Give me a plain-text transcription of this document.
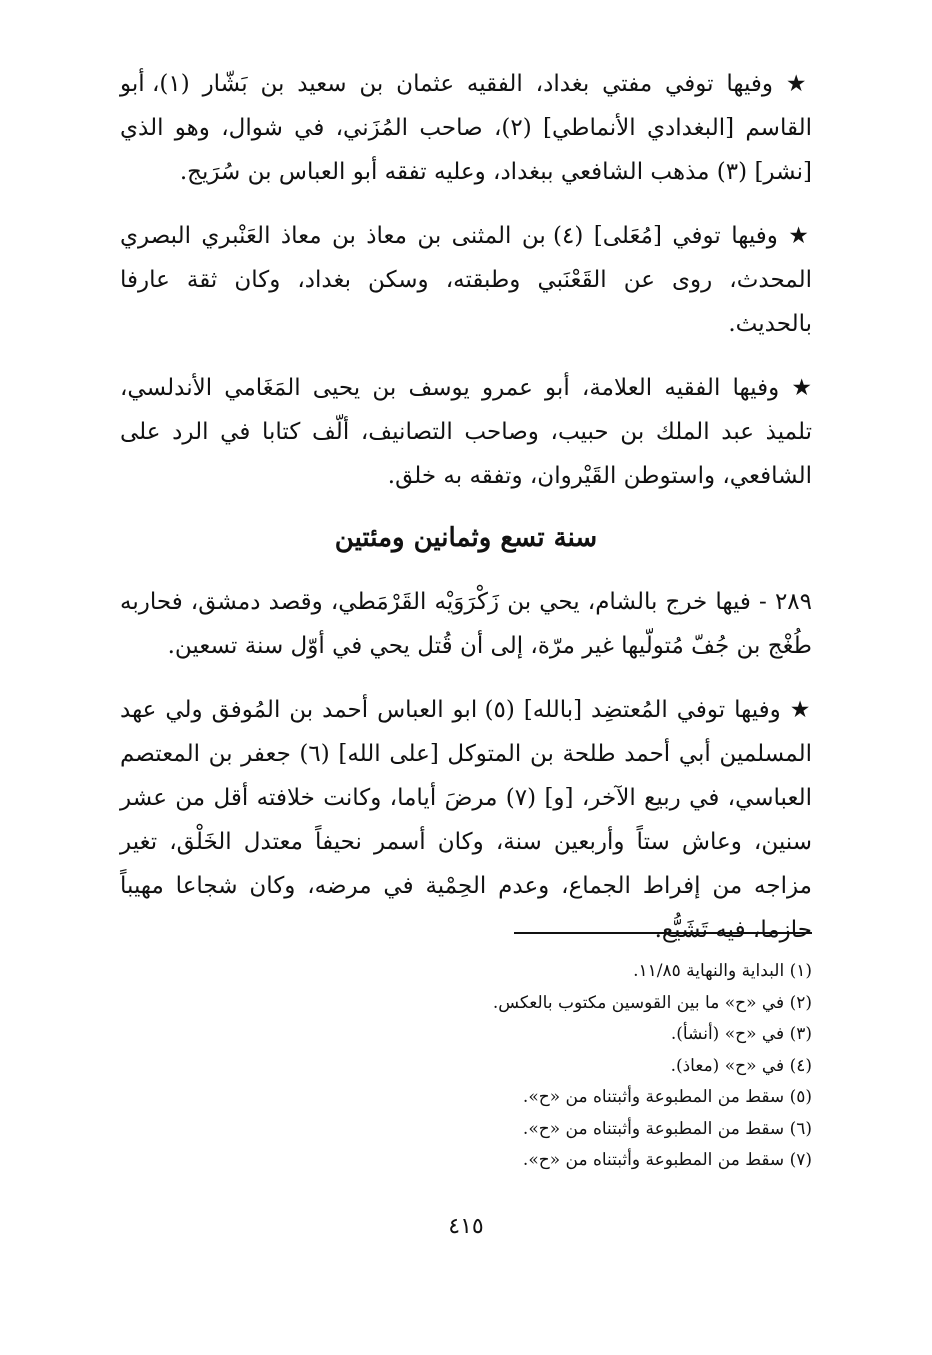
★ وفيها توفي مفتي بغداد، الفقيه عثمان بن سعيد بن بَشّار (١)، أبو القاسم [البغدادي الأنماطي] (٢)، صاحب المُزَني، في شوال، وهو الذي [نشر] (٣) مذهب الشافعي ببغداد، وعليه تفقه أبو العباس بن سُرَيج.

★ وفيها توفي [مُعَلى] (٤) بن المثنى بن معاذ بن معاذ العَنْبري البصري المحدث، روى عن القَعْنَبي وطبقته، وسكن بغداد، وكان ثقة عارفا بالحديث.

★ وفيها الفقيه العلامة، أبو عمرو يوسف بن يحيى المَغَامي الأندلسي، تلميذ عبد الملك بن حبيب، وصاحب التصانيف، ألّف كتابا في الرد على الشافعي، واستوطن القَيْروان، وتفقه به خلق.

سنة تسع وثمانين ومئتين

٢٨٩ - فيها خرج بالشام، يحي بن زَكْرَوَيْه القَرْمَطي، وقصد دمشق، فحاربه طُغْج بن جُفّ مُتولّيها غير مرّة، إلى أن قُتل يحي في أوّل سنة تسعين.

★ وفيها توفي المُعتضِد [بالله] (٥) ابو العباس أحمد بن المُوفق ولي عهد المسلمين أبي أحمد طلحة بن المتوكل [على الله] (٦) جعفر بن المعتصم العباسي، في ربيع الآخر، [و] (٧) مرضَ أياما، وكانت خلافته أقل من عشر سنين، وعاش ستاً وأربعين سنة، وكان أسمر نحيفاً معتدل الخَلْق، تغير مزاجه من إفراط الجماع، وعدم الحِمْية في مرضه، وكان شجاعا مهيباً حازما، فيه تَشَيُّع.

(١) البداية والنهاية ١١/٨٥.
(٢) في «ح» ما بين القوسين مكتوب بالعكس.
(٣) في «ح» (أنشأ).
(٤) في «ح» (معاذ).
(٥) سقط من المطبوعة وأثبتناه من «ح».
(٦) سقط من المطبوعة وأثبتناه من «ح».
(٧) سقط من المطبوعة وأثبتناه من «ح».
٤١٥
